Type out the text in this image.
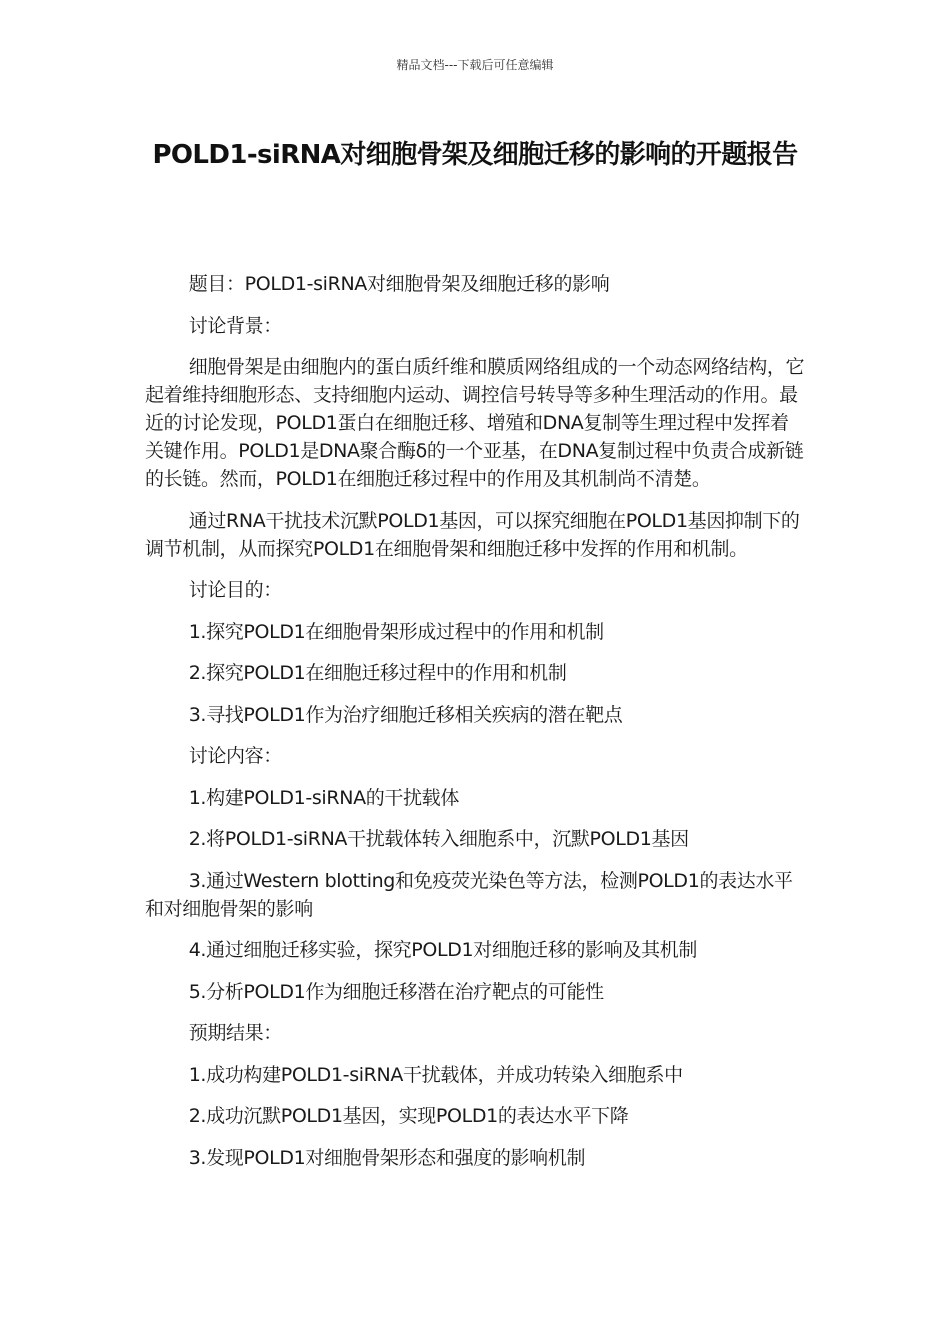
精品文档---下载后可任意编辑
POLD1-siRNA对细胞骨架及细胞迁移的影响的开题报告

题目：POLD1-siRNA对细胞骨架及细胞迁移的影响

讨论背景：

细胞骨架是由细胞内的蛋白质纤维和膜质网络组成的一个动态网络结构，它起着维持细胞形态、支持细胞内运动、调控信号转导等多种生理活动的作用。最近的讨论发现，POLD1蛋白在细胞迁移、增殖和DNA复制等生理过程中发挥着关键作用。POLD1是DNA聚合酶δ的一个亚基，在DNA复制过程中负责合成新链的长链。然而，POLD1在细胞迁移过程中的作用及其机制尚不清楚。

通过RNA干扰技术沉默POLD1基因，可以探究细胞在POLD1基因抑制下的调节机制，从而探究POLD1在细胞骨架和细胞迁移中发挥的作用和机制。

讨论目的：

1.探究POLD1在细胞骨架形成过程中的作用和机制

2.探究POLD1在细胞迁移过程中的作用和机制

3.寻找POLD1作为治疗细胞迁移相关疾病的潜在靶点

讨论内容：

1.构建POLD1-siRNA的干扰载体

2.将POLD1-siRNA干扰载体转入细胞系中，沉默POLD1基因

3.通过Western blotting和免疫荧光染色等方法，检测POLD1的表达水平和对细胞骨架的影响

4.通过细胞迁移实验，探究POLD1对细胞迁移的影响及其机制

5.分析POLD1作为细胞迁移潜在治疗靶点的可能性

预期结果：

1.成功构建POLD1-siRNA干扰载体，并成功转染入细胞系中

2.成功沉默POLD1基因，实现POLD1的表达水平下降

3.发现POLD1对细胞骨架形态和强度的影响机制
